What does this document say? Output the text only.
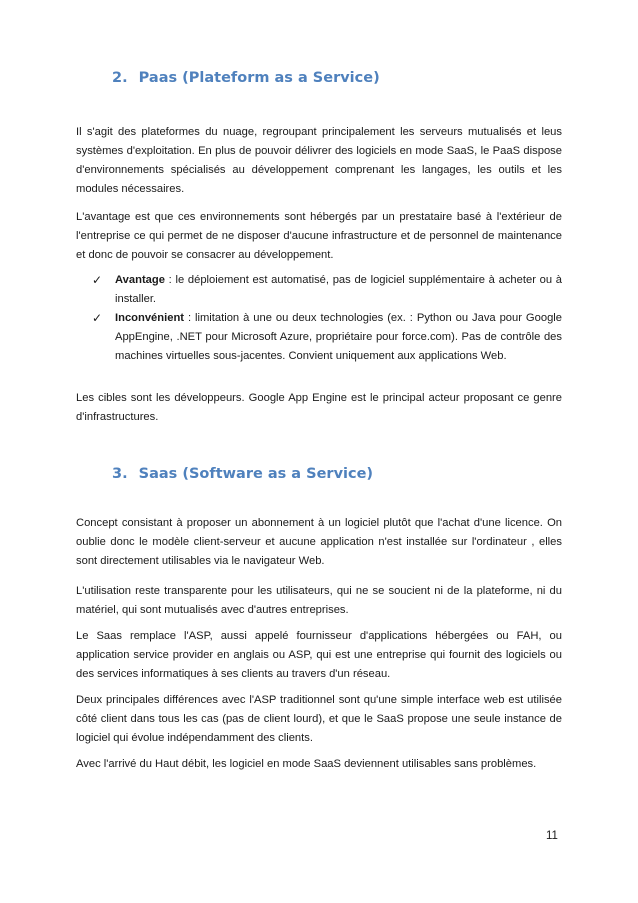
2. Paas (Plateform as a Service)

Il s'agit des plateformes du nuage, regroupant principalement les serveurs mutualisés et leus systèmes d'exploitation. En plus de pouvoir délivrer des logiciels en mode SaaS, le PaaS dispose d'environnements spécialisés au développement comprenant les langages, les outils et les modules nécessaires.

L'avantage est que ces environnements sont hébergés par un prestataire basé à l'extérieur de l'entreprise ce qui permet de ne disposer d'aucune infrastructure et de personnel de maintenance et donc de pouvoir se consacrer au développement.

✓ Avantage : le déploiement est automatisé, pas de logiciel supplémentaire à acheter ou à installer.
✓ Inconvénient : limitation à une ou deux technologies (ex. : Python ou Java pour Google AppEngine, .NET pour Microsoft Azure, propriétaire pour force.com). Pas de contrôle des machines virtuelles sous-jacentes. Convient uniquement aux applications Web.

Les cibles sont les développeurs. Google App Engine est le principal acteur proposant ce genre d'infrastructures.

3. Saas (Software as a Service)

Concept consistant à proposer un abonnement à un logiciel plutôt que l'achat d'une licence. On oublie donc le modèle client-serveur et aucune application n'est installée sur l'ordinateur , elles sont directement utilisables via le navigateur Web.

L'utilisation reste transparente pour les utilisateurs, qui ne se soucient ni de la plateforme, ni du matériel, qui sont mutualisés avec d'autres entreprises.

Le Saas remplace l'ASP, aussi appelé fournisseur d'applications hébergées ou FAH, ou application service provider en anglais ou ASP, qui est une entreprise qui fournit des logiciels ou des services informatiques à ses clients au travers d'un réseau.

Deux principales différences avec l'ASP traditionnel sont qu'une simple interface web est utilisée côté client dans tous les cas (pas de client lourd), et que le SaaS propose une seule instance de logiciel qui évolue indépendamment des clients.

Avec l'arrivé du Haut débit, les logiciel en mode SaaS deviennent utilisables sans problèmes.

11
